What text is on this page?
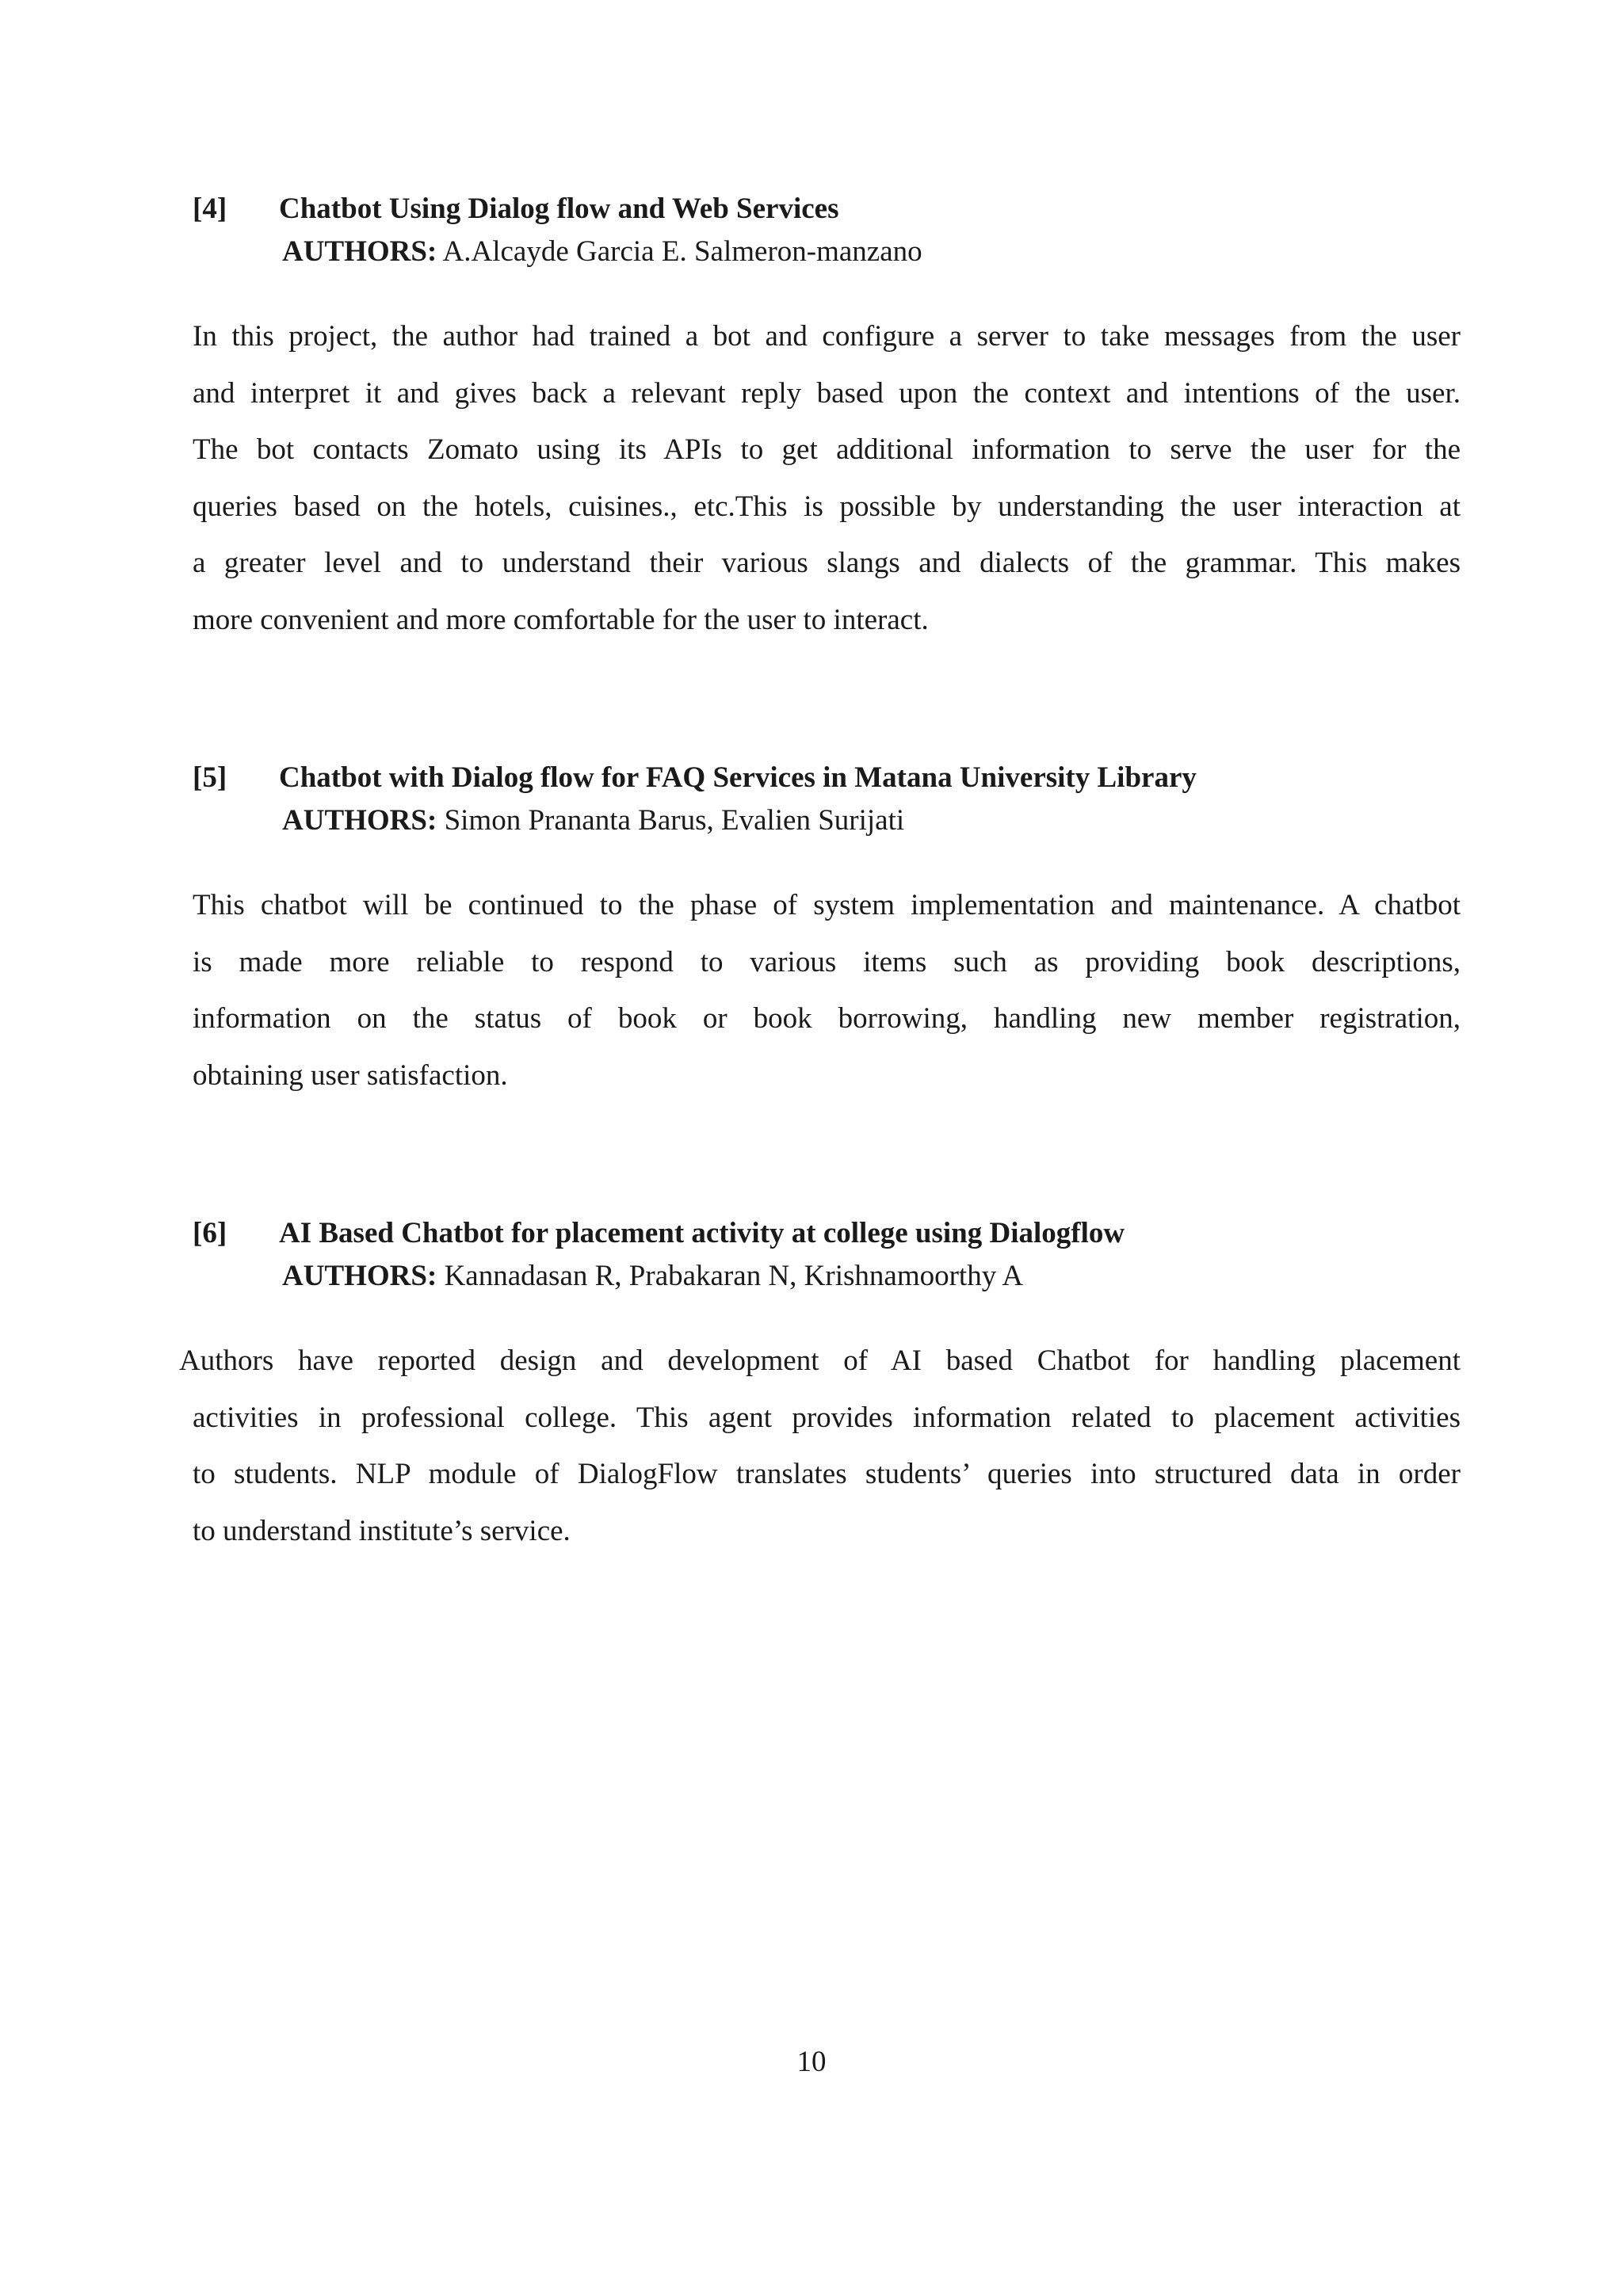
[4] Chatbot Using Dialog flow and Web Services
AUTHORS: A.Alcayde Garcia E. Salmeron-manzano

In this project, the author had trained a bot and configure a server to take messages from the user
and interpret it and gives back a relevant reply based upon the context and intentions of the user.
The bot contacts Zomato using its APIs to get additional information to serve the user for the
queries based on the hotels, cuisines., etc.This is possible by understanding the user interaction at
a greater level and to understand their various slangs and dialects of the grammar. This makes
more convenient and more comfortable for the user to interact.

[5] Chatbot with Dialog flow for FAQ Services in Matana University Library
AUTHORS: Simon Prananta Barus, Evalien Surijati

This chatbot will be continued to the phase of system implementation and maintenance. A chatbot
is made more reliable to respond to various items such as providing book descriptions,
information on the status of book or book borrowing, handling new member registration,
obtaining user satisfaction.

[6] AI Based Chatbot for placement activity at college using Dialogflow
AUTHORS: Kannadasan R, Prabakaran N, Krishnamoorthy A

Authors have reported design and development of AI based Chatbot for handling placement
activities in professional college. This agent provides information related to placement activities
to students. NLP module of DialogFlow translates students’ queries into structured data in order
to understand institute’s service.

10
